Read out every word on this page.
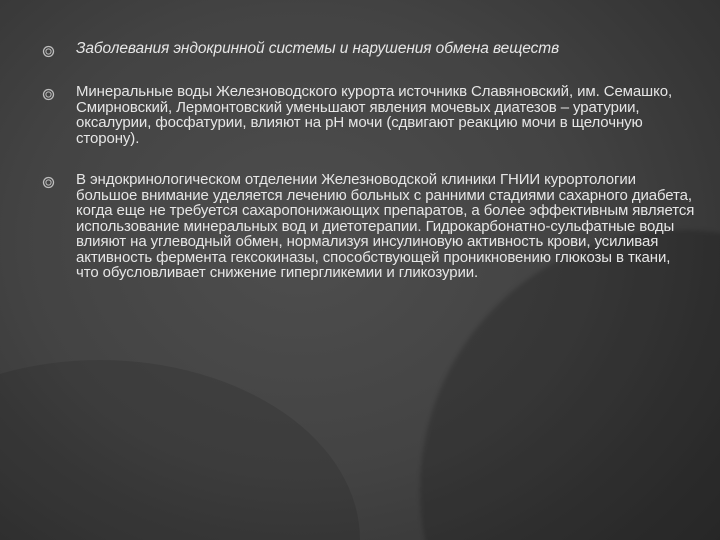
Заболевания эндокринной системы и нарушения обмена веществ
Минеральные воды Железноводского курорта источникв Славяновский, им. Семашко, Смирновский, Лермонтовский уменьшают явления мочевых диатезов – уратурии, оксалурии, фосфатурии, влияют на рН мочи (сдвигают реакцию мочи в щелочную сторону).
В эндокринологическом отделении Железноводской клиники ГНИИ курортологии большое внимание уделяется лечению больных с ранними стадиями сахарного диабета, когда еще не требуется сахаропонижающих препаратов, а более эффективным является использование минеральных вод и диетотерапии. Гидрокарбонатно-сульфатные воды влияют на углеводный обмен, нормализуя инсулиновую активность крови, усиливая активность фермента гексокиназы, способствующей проникновению глюкозы в ткани, что обусловливает снижение гипергликемии и гликозурии.
